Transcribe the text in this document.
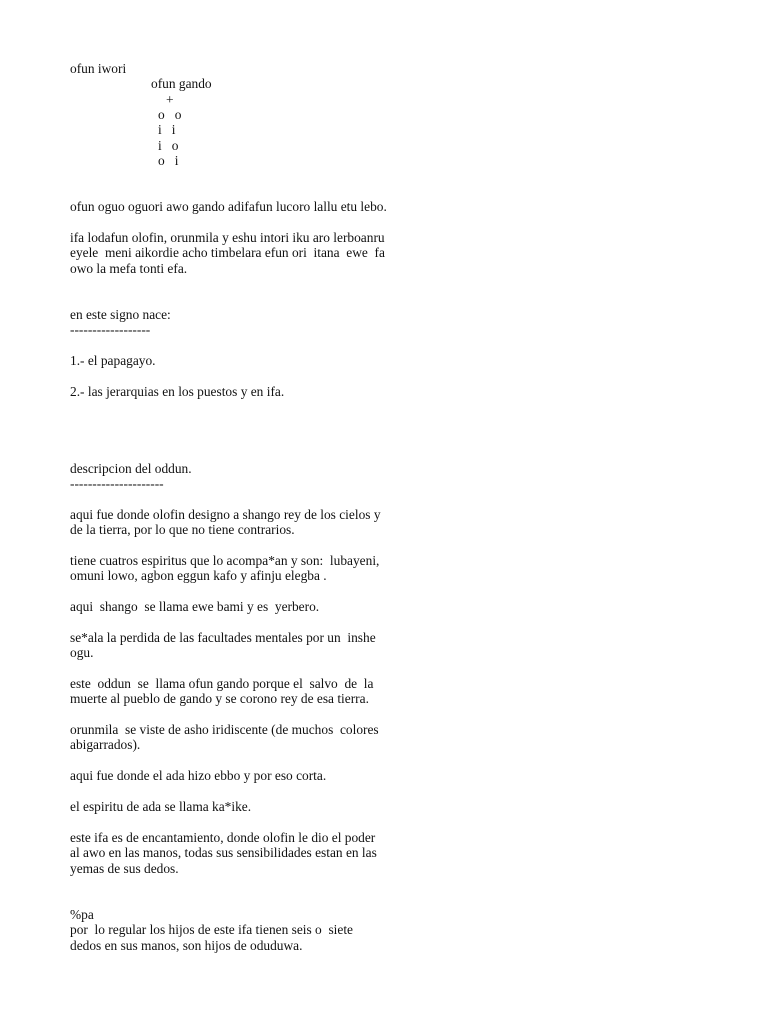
ofun iwori
ofun gando
+
o   o
i   i
i   o
o   i
ofun oguo oguori awo gando adifafun lucoro lallu etu lebo.
ifa lodafun olofin, orunmila y eshu intori iku aro lerboanru
eyele  meni aikordie acho timbelara efun ori  itana  ewe  fa
owo la mefa tonti efa.
en este signo nace:
------------------
1.- el papagayo.
2.- las jerarquias en los puestos y en ifa.
descripcion del oddun.
---------------------
aqui fue donde olofin designo a shango rey de los cielos y
de la tierra, por lo que no tiene contrarios.
tiene cuatros espiritus que lo acompa*an y son:  lubayeni,
omuni lowo, agbon eggun kafo y afinju elegba .
aqui  shango  se llama ewe bami y es  yerbero.
se*ala la perdida de las facultades mentales por un  inshe
ogu.
este  oddun  se  llama ofun gando porque el  salvo  de  la
muerte al pueblo de gando y se corono rey de esa tierra.
orunmila  se viste de asho iridiscente (de muchos  colores
abigarrados).
aqui fue donde el ada hizo ebbo y por eso corta.
el espiritu de ada se llama ka*ike.
este ifa es de encantamiento, donde olofin le dio el poder
al awo en las manos, todas sus sensibilidades estan en las
yemas de sus dedos.
%pa
por  lo regular los hijos de este ifa tienen seis o  siete
dedos en sus manos, son hijos de oduduwa.
